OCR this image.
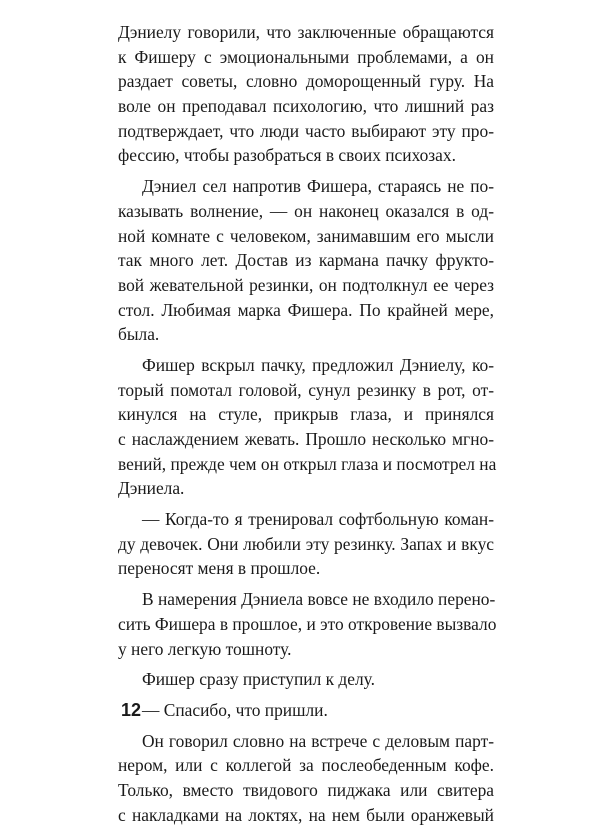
Дэниелу говорили, что заключенные обращаются
к Фишеру с эмоциональными проблемами, а он
раздает советы, словно доморощенный гуру. На
воле он преподавал психологию, что лишний раз
подтверждает, что люди часто выбирают эту про-
фессию, чтобы разобраться в своих психозах.
Дэниел сел напротив Фишера, стараясь не по-
казывать волнение, — он наконец оказался в од-
ной комнате с человеком, занимавшим его мысли
так много лет. Достав из кармана пачку фрукто-
вой жевательной резинки, он подтолкнул ее через
стол. Любимая марка Фишера. По крайней мере,
была.
Фишер вскрыл пачку, предложил Дэниелу, ко-
торый помотал головой, сунул резинку в рот, от-
кинулся на стуле, прикрыв глаза, и принялся
с наслаждением жевать. Прошло несколько мгно-
вений, прежде чем он открыл глаза и посмотрел на
Дэниела.
— Когда-то я тренировал софтбольную коман-
ду девочек. Они любили эту резинку. Запах и вкус
переносят меня в прошлое.
В намерения Дэниела вовсе не входило перено-
сить Фишера в прошлое, и это откровение вызвало
у него легкую тошноту.
Фишер сразу приступил к делу.
— Спасибо, что пришли.
Он говорил словно на встрече с деловым парт-
нером, или с коллегой за послеобеденным кофе.
Только, вместо твидового пиджака или свитера
с накладками на локтях, на нем были оранжевый
12
